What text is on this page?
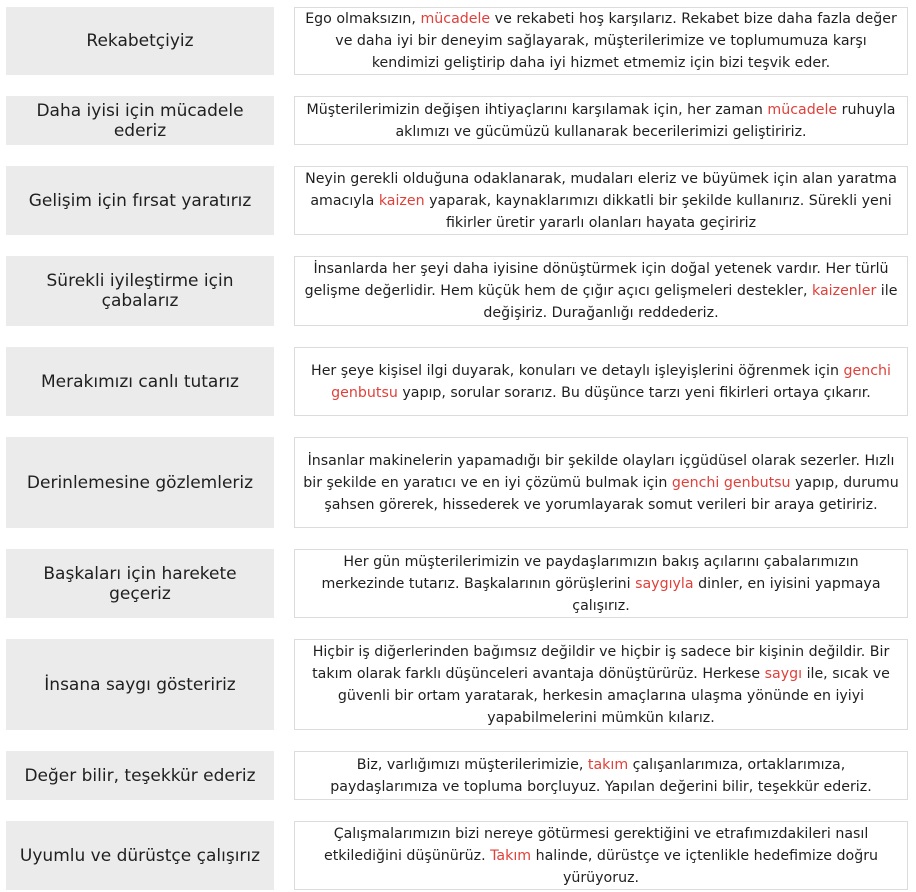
Rekabetçiyiz
Ego olmaksızın, mücadele ve rekabeti hoş karşılarız. Rekabet bize daha fazla değer ve daha iyi bir deneyim sağlayarak, müşterilerimize ve toplumumuza karşı kendimizi geliştirip daha iyi hizmet etmemiz için bizi teşvik eder.
Daha iyisi için mücadele ederiz
Müşterilerimizin değişen ihtiyaçlarını karşılamak için, her zaman mücadele ruhuyla aklımızı ve gücümüzü kullanarak becerilerimizi geliştiririz.
Gelişim için fırsat yaratırız
Neyin gerekli olduğuna odaklanarak, mudaları eleriz ve büyümek için alan yaratma amacıyla kaizen yaparak, kaynaklarımızı dikkatli bir şekilde kullanırız. Sürekli yeni fikirler üretir yararlı olanları hayata geçiririz
Sürekli iyileştirme için çabalarız
İnsanlarda her şeyi daha iyisine dönüştürmek için doğal yetenek vardır. Her türlü gelişme değerlidir. Hem küçük hem de çığır açıcı gelişmeleri destekler, kaizenler ile değişiriz. Durağanlığı reddederiz.
Merakımızı canlı tutarız
Her şeye kişisel ilgi duyarak, konuları ve detaylı işleyişlerini öğrenmek için genchi genbutsu yapıp, sorular sorarız. Bu düşünce tarzı yeni fikirleri ortaya çıkarır.
Derinlemesine gözlemleriz
İnsanlar makinelerin yapamadığı bir şekilde olayları içgüdüsel olarak sezerler. Hızlı bir şekilde en yaratıcı ve en iyi çözümü bulmak için genchi genbutsu yapıp, durumu şahsen görerek, hissederek ve yorumlayarak somut verileri bir araya getiririz.
Başkaları için harekete geçeriz
Her gün müşterilerimizin ve paydaşlarımızın bakış açılarını çabalarımızın merkezinde tutarız. Başkalarının görüşlerini saygıyla dinler, en iyisini yapmaya çalışırız.
İnsana saygı gösteririz
Hiçbir iş diğerlerinden bağımsız değildir ve hiçbir iş sadece bir kişinin değildir. Bir takım olarak farklı düşünceleri avantaja dönüştürürüz. Herkese saygı ile, sıcak ve güvenli bir ortam yaratarak, herkesin amaçlarına ulaşma yönünde en iyiyi yapabilmelerini mümkün kılarız.
Değer bilir, teşekkür ederiz
Biz, varlığımızı müşterilerimizie, takım çalışanlarımıza, ortaklarımıza, paydaşlarımıza ve topluma borçluyuz. Yapılan değerini bilir, teşekkür ederiz.
Uyumlu ve dürüstçe çalışırız
Çalışmalarımızın bizi nereye götürmesi gerektiğini ve etrafımızdakileri nasıl etkilediğini düşünürüz. Takım halinde, dürüstçe ve içtenlikle hedefimize doğru yürüyoruz.
